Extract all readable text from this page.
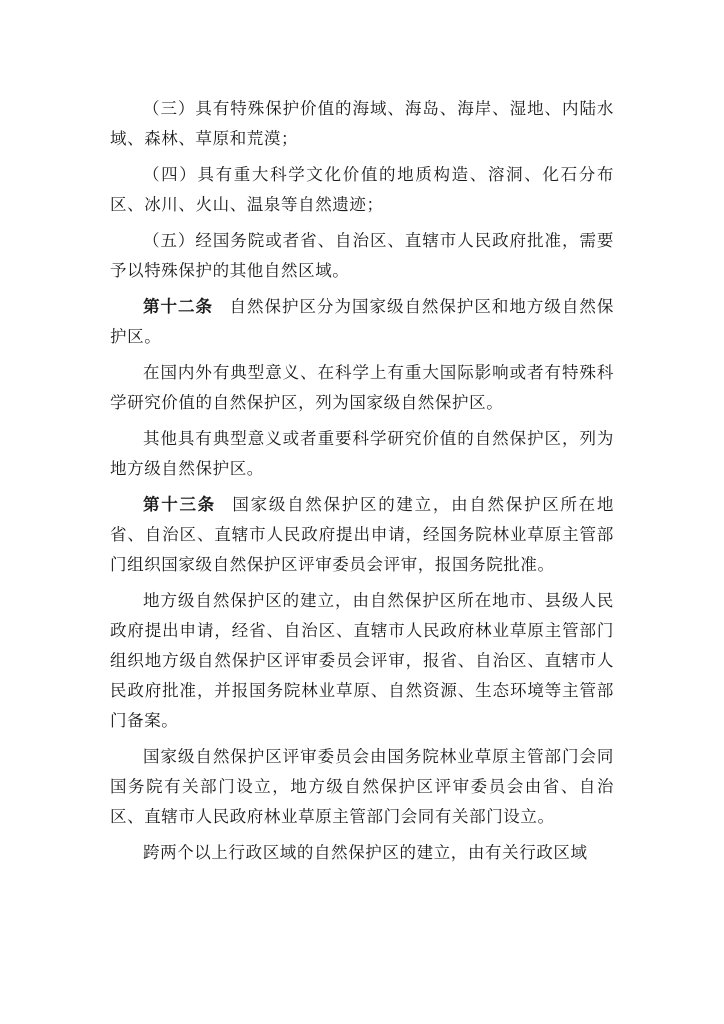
（三）具有特殊保护价值的海域、海岛、海岸、湿地、内陆水域、森林、草原和荒漠；

（四）具有重大科学文化价值的地质构造、溶洞、化石分布区、冰川、火山、温泉等自然遗迹；

（五）经国务院或者省、自治区、直辖市人民政府批准，需要予以特殊保护的其他自然区域。

第十二条 自然保护区分为国家级自然保护区和地方级自然保护区。

在国内外有典型意义、在科学上有重大国际影响或者有特殊科学研究价值的自然保护区，列为国家级自然保护区。

其他具有典型意义或者重要科学研究价值的自然保护区，列为地方级自然保护区。

第十三条 国家级自然保护区的建立，由自然保护区所在地省、自治区、直辖市人民政府提出申请，经国务院林业草原主管部门组织国家级自然保护区评审委员会评审，报国务院批准。

地方级自然保护区的建立，由自然保护区所在地市、县级人民政府提出申请，经省、自治区、直辖市人民政府林业草原主管部门组织地方级自然保护区评审委员会评审，报省、自治区、直辖市人民政府批准，并报国务院林业草原、自然资源、生态环境等主管部门备案。

国家级自然保护区评审委员会由国务院林业草原主管部门会同国务院有关部门设立，地方级自然保护区评审委员会由省、自治区、直辖市人民政府林业草原主管部门会同有关部门设立。

跨两个以上行政区域的自然保护区的建立，由有关行政区域
